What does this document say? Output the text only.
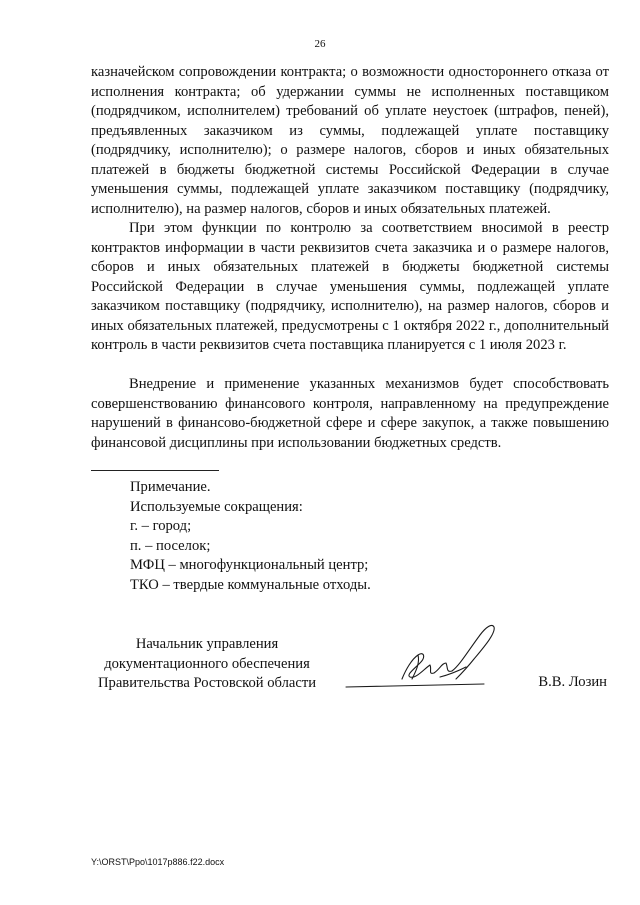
26

казначейском сопровождении контракта; о возможности одностороннего отказа от исполнения контракта; об удержании суммы не исполненных поставщиком (подрядчиком, исполнителем) требований об уплате неустоек (штрафов, пеней), предъявленных заказчиком из суммы, подлежащей уплате поставщику (подрядчику, исполнителю); о размере налогов, сборов и иных обязательных платежей в бюджеты бюджетной системы Российской Федерации в случае уменьшения суммы, подлежащей уплате заказчиком поставщику (подрядчику, исполнителю), на размер налогов, сборов и иных обязательных платежей.

При этом функции по контролю за соответствием вносимой в реестр контрактов информации в части реквизитов счета заказчика и о размере налогов, сборов и иных обязательных платежей в бюджеты бюджетной системы Российской Федерации в случае уменьшения суммы, подлежащей уплате заказчиком поставщику (подрядчику, исполнителю), на размер налогов, сборов и иных обязательных платежей, предусмотрены с 1 октября 2022 г., дополнительный контроль в части реквизитов счета поставщика планируется с 1 июля 2023 г.

Внедрение и применение указанных механизмов будет способствовать совершенствованию финансового контроля, направленному на предупреждение нарушений в финансово-бюджетной сфере и сфере закупок, а также повышению финансовой дисциплины при использовании бюджетных средств.

Примечание.
Используемые сокращения:
г. – город;
п. – поселок;
МФЦ – многофункциональный центр;
ТКО – твердые коммунальные отходы.
Начальник управления
документационного обеспечения
Правительства Ростовской области	В.В. Лозин
Y:\ORST\Ppo\1017p886.f22.docx
